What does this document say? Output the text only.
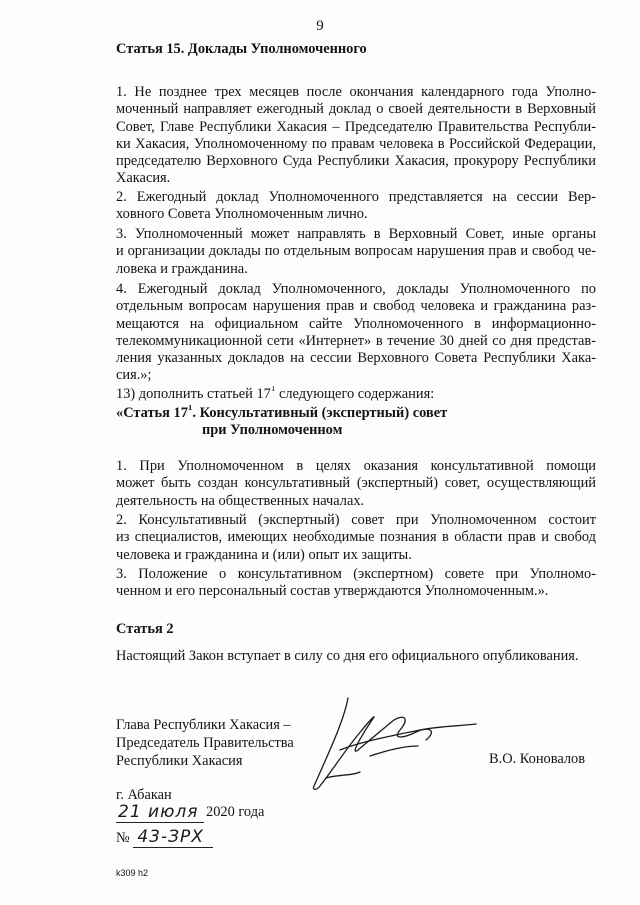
9
Статья 15. Доклады Уполномоченного
1. Не позднее трех месяцев после окончания календарного года Уполно-
моченный направляет ежегодный доклад о своей деятельности в Верховный
Совет, Главе Республики Хакасия – Председателю Правительства Республи-
ки Хакасия, Уполномоченному по правам человека в Российской Федерации,
председателю Верховного Суда Республики Хакасия, прокурору Республики
Хакасия.
2. Ежегодный доклад Уполномоченного представляется на сессии Вер-
ховного Совета Уполномоченным лично.
3. Уполномоченный может направлять в Верховный Совет, иные органы
и организации доклады по отдельным вопросам нарушения прав и свобод че-
ловека и гражданина.
4. Ежегодный доклад Уполномоченного, доклады Уполномоченного по
отдельным вопросам нарушения прав и свобод человека и гражданина раз-
мещаются на официальном сайте Уполномоченного в информационно-
телекоммуникационной сети «Интернет» в течение 30 дней со дня представ-
ления указанных докладов на сессии Верховного Совета Республики Хака-
сия.»;
13) дополнить статьей $17^1$ следующего содержания:
«Статья $17^1$. Консультативный (экспертный) совет
при Уполномоченном
1. При Уполномоченном в целях оказания консультативной помощи
может быть создан консультативный (экспертный) совет, осуществляющий
деятельность на общественных началах.
2. Консультативный (экспертный) совет при Уполномоченном состоит
из специалистов, имеющих необходимые познания в области прав и свобод
человека и гражданина и (или) опыт их защиты.
3. Положение о консультативном (экспертном) совете при Уполномо-
ченном и его персональный состав утверждаются Уполномоченным.».
Статья 2
Настоящий Закон вступает в силу со дня его официального опубликования.
Глава Республики Хакасия –
Председатель Правительства
Республики Хакасия	В.О. Коновалов
г. Абакан
21 июля 2020 года
№ 43-ЗРХ
k309 h2
